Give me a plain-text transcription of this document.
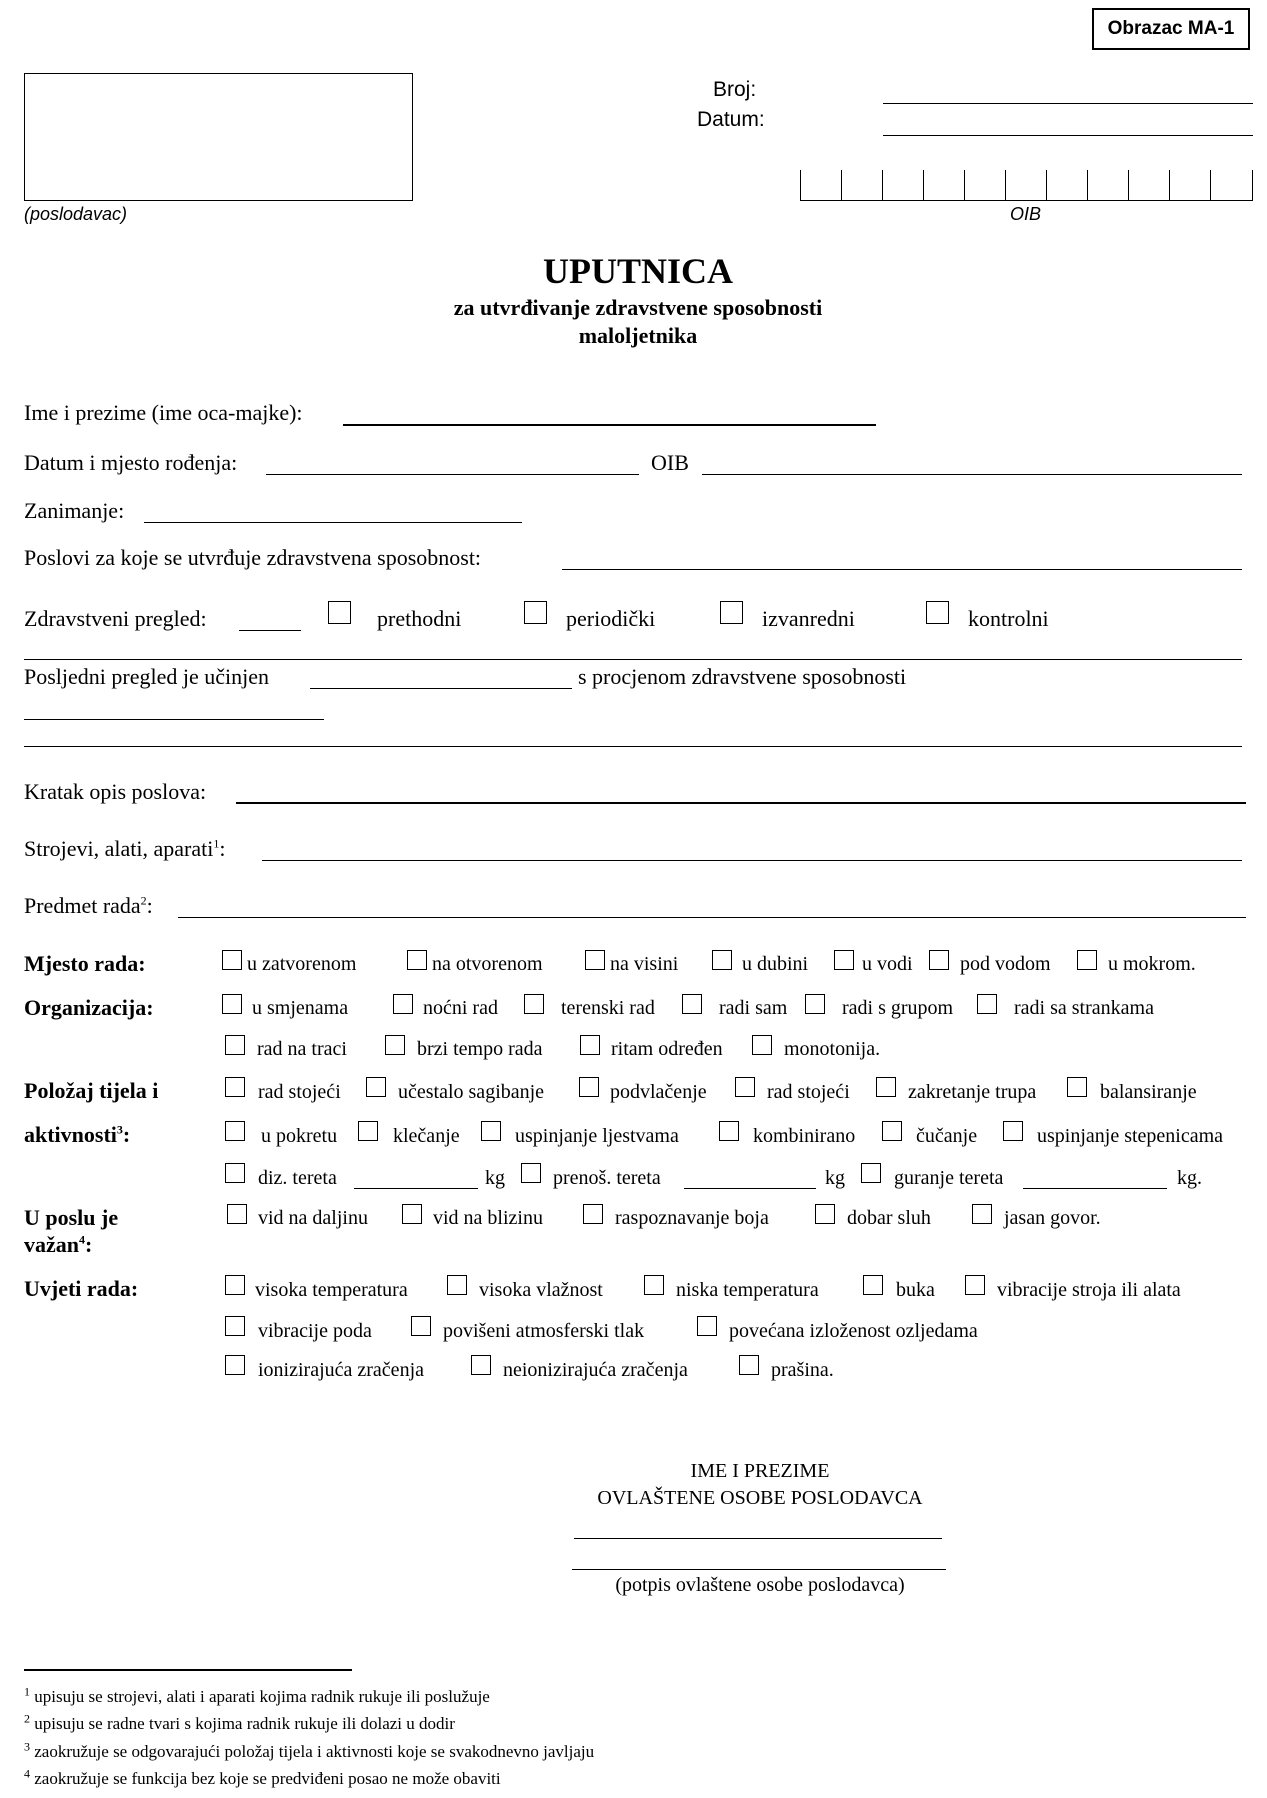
Obrazac MA-1
(poslodavac)
Broj:
Datum:
OIB
UPUTNICA
za utvrđivanje zdravstvene sposobnosti
maloljetnika
Ime i prezime (ime oca-majke):
Datum i mjesto rođenja:	OIB
Zanimanje:
Poslovi za koje se utvrđuje zdravstvena sposobnost:
Zdravstveni pregled:	prethodni	periodički	izvanredni	kontrolni
Posljedni pregled je učinjen	s procjenom zdravstvene sposobnosti
Kratak opis poslova:
Strojevi, alati, aparati$^1$:
Predmet rada$^2$:
Mjesto rada:	u zatvorenom	na otvorenom	na visini	u dubini	u vodi pod vodom	u mokrom.
Organizacija:	u smjenama	noćni rad	terenski rad	radi sam	radi s grupom	radi sa strankama
rad na traci	brzi tempo rada	ritam određen	monotonija.
Položaj tijela i
aktivnosti$^3$:
rad stojeći	učestalo sagibanje	podvlačenje	rad stojeći	zakretanje trupa	balansiranje
u pokretu	klečanje	uspinjanje ljestvama	kombinirano	čučanje	uspinjanje stepenicama
diz. tereta	kg prenoš. tereta	kg guranje tereta	kg.
U poslu je
važan$^4$:
vid na daljinu	vid na blizinu	raspoznavanje boja	dobar sluh	jasan govor.
Uvjeti rada:	visoka temperatura	visoka vlažnost	niska temperatura	buka	vibracije stroja ili alata
vibracije poda	povišeni atmosferski tlak	povećana izloženost ozljedama
ionizirajuća zračenja	neionizirajuća zračenja	prašina.
IME I PREZIME
OVLAŠTENE OSOBE POSLODAVCA
(potpis ovlaštene osobe poslodavca)
$^1$ upisuju se strojevi, alati i aparati kojima radnik rukuje ili poslužuje
$^2$ upisuju se radne tvari s kojima radnik rukuje ili dolazi u dodir
$^3$ zaokružuje se odgovarajući položaj tijela i aktivnosti koje se svakodnevno javljaju
$^4$ zaokružuje se funkcija bez koje se predviđeni posao ne može obaviti
